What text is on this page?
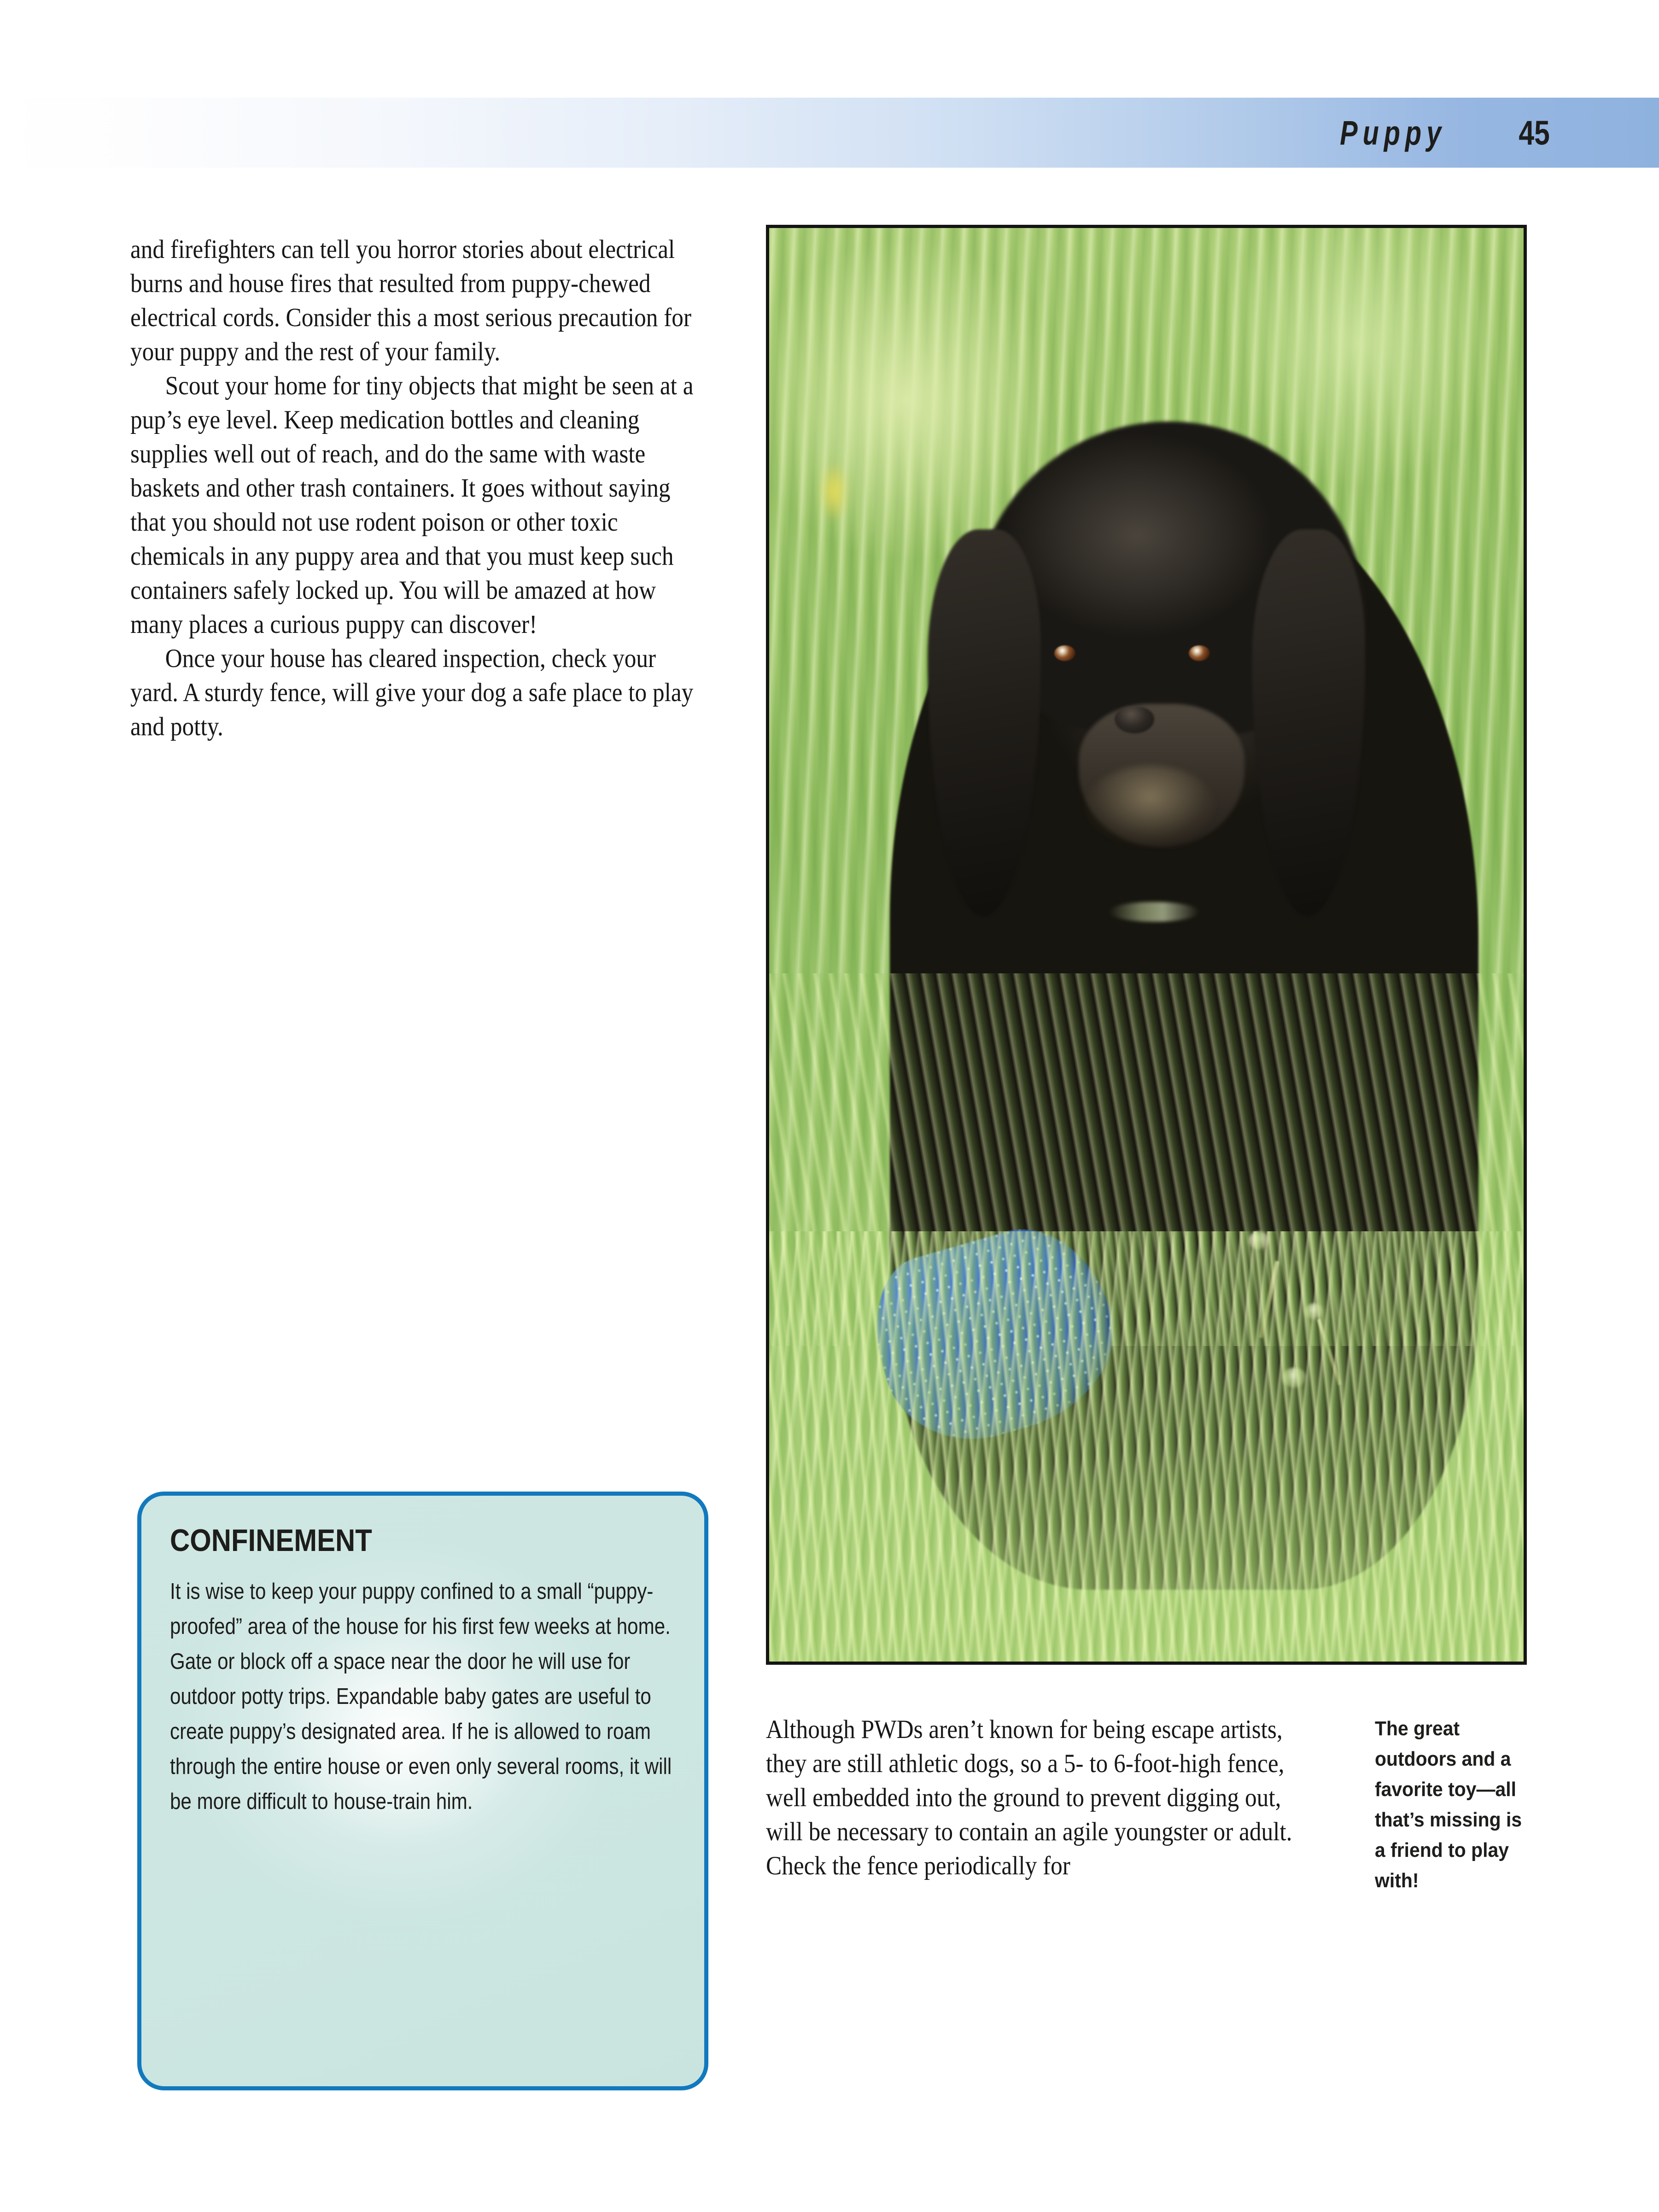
Puppy 45

and firefighters can tell you horror stories about electrical burns and house fires that resulted from puppy-chewed electrical cords. Consider this a most serious precaution for your puppy and the rest of your family.

Scout your home for tiny objects that might be seen at a pup’s eye level. Keep medication bottles and cleaning supplies well out of reach, and do the same with waste baskets and other trash containers. It goes without saying that you should not use rodent poison or other toxic chemicals in any puppy area and that you must keep such containers safely locked up. You will be amazed at how many places a curious puppy can discover!

Once your house has cleared inspection, check your yard. A sturdy fence, will give your dog a safe place to play and potty.

CONFINEMENT

It is wise to keep your puppy confined to a small “puppy-proofed” area of the house for his first few weeks at home. Gate or block off a space near the door he will use for outdoor potty trips. Expandable baby gates are useful to create puppy’s designated area. If he is allowed to roam through the entire house or even only several rooms, it will be more difficult to house-train him.

Although PWDs aren’t known for being escape artists, they are still athletic dogs, so a 5- to 6-foot-high fence, well embedded into the ground to prevent digging out, will be necessary to contain an agile youngster or adult. Check the fence periodically for

The great outdoors and a favorite toy—all that’s missing is a friend to play with!
